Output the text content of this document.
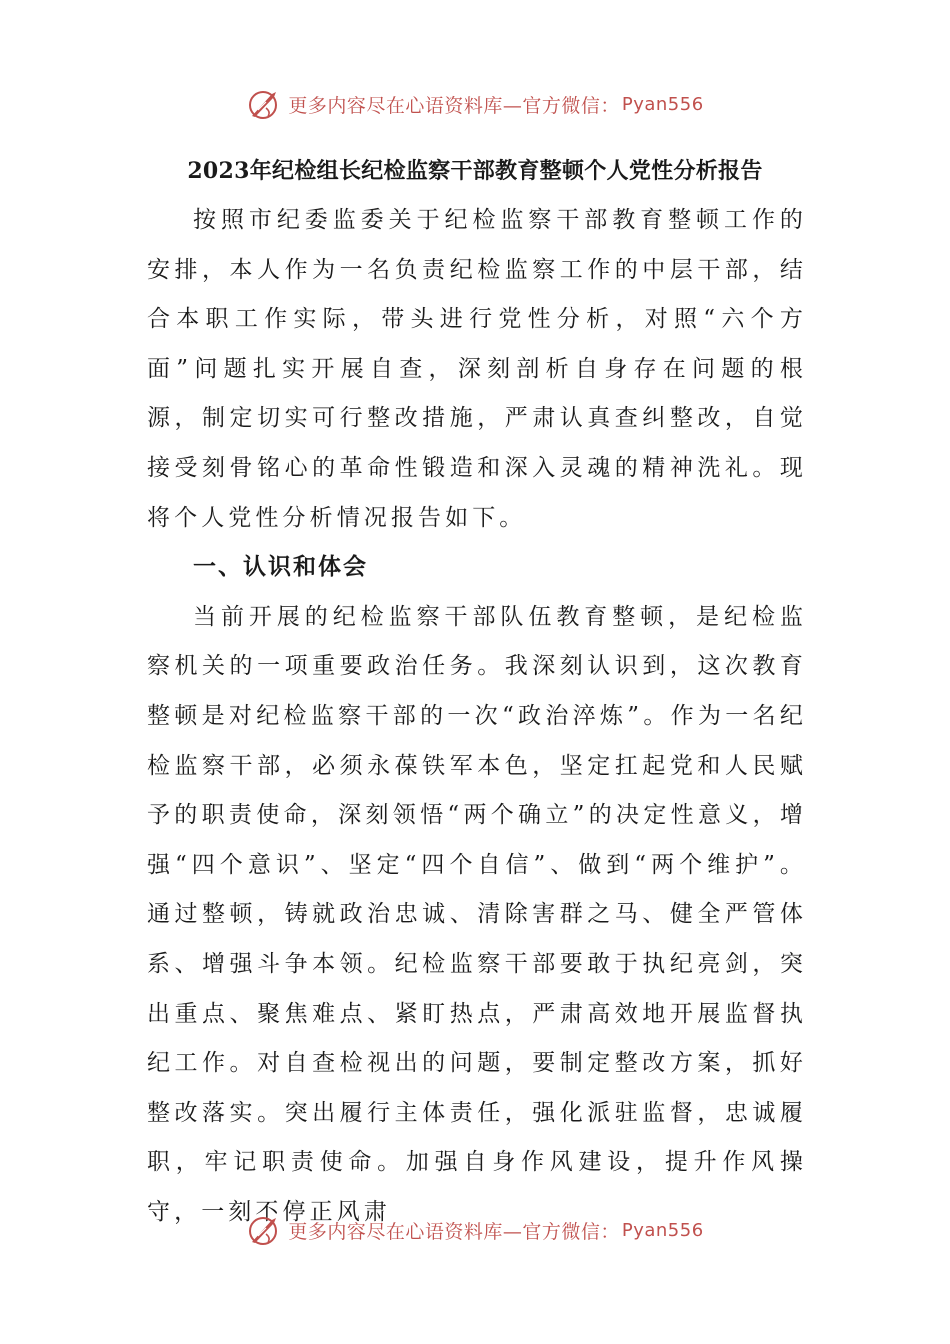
更多内容尽在心语资料库—官方微信： Pyan556
2023年纪检组长纪检监察干部教育整顿个人党性分析报告

按照市纪委监委关于纪检监察干部教育整顿工作的安排，本人作为一名负责纪检监察工作的中层干部，结合本职工作实际，带头进行党性分析，对照“六个方面”问题扎实开展自查，深刻剖析自身存在问题的根源，制定切实可行整改措施，严肃认真查纠整改，自觉接受刻骨铭心的革命性锻造和深入灵魂的精神洗礼。现将个人党性分析情况报告如下。

一、认识和体会

当前开展的纪检监察干部队伍教育整顿，是纪检监察机关的一项重要政治任务。我深刻认识到，这次教育整顿是对纪检监察干部的一次“政治淬炼”。作为一名纪检监察干部，必须永葆铁军本色，坚定扛起党和人民赋予的职责使命，深刻领悟“两个确立”的决定性意义，增强“四个意识”、坚定“四个自信”、做到“两个维护”。通过整顿，铸就政治忠诚、清除害群之马、健全严管体系、增强斗争本领。纪检监察干部要敢于执纪亮剑，突出重点、聚焦难点、紧盯热点，严肃高效地开展监督执纪工作。对自查检视出的问题，要制定整改方案，抓好整改落实。突出履行主体责任，强化派驻监督，忠诚履职，牢记职责使命。加强自身作风建设，提升作风操守，一刻不停正风肃

更多内容尽在心语资料库—官方微信： Pyan556
